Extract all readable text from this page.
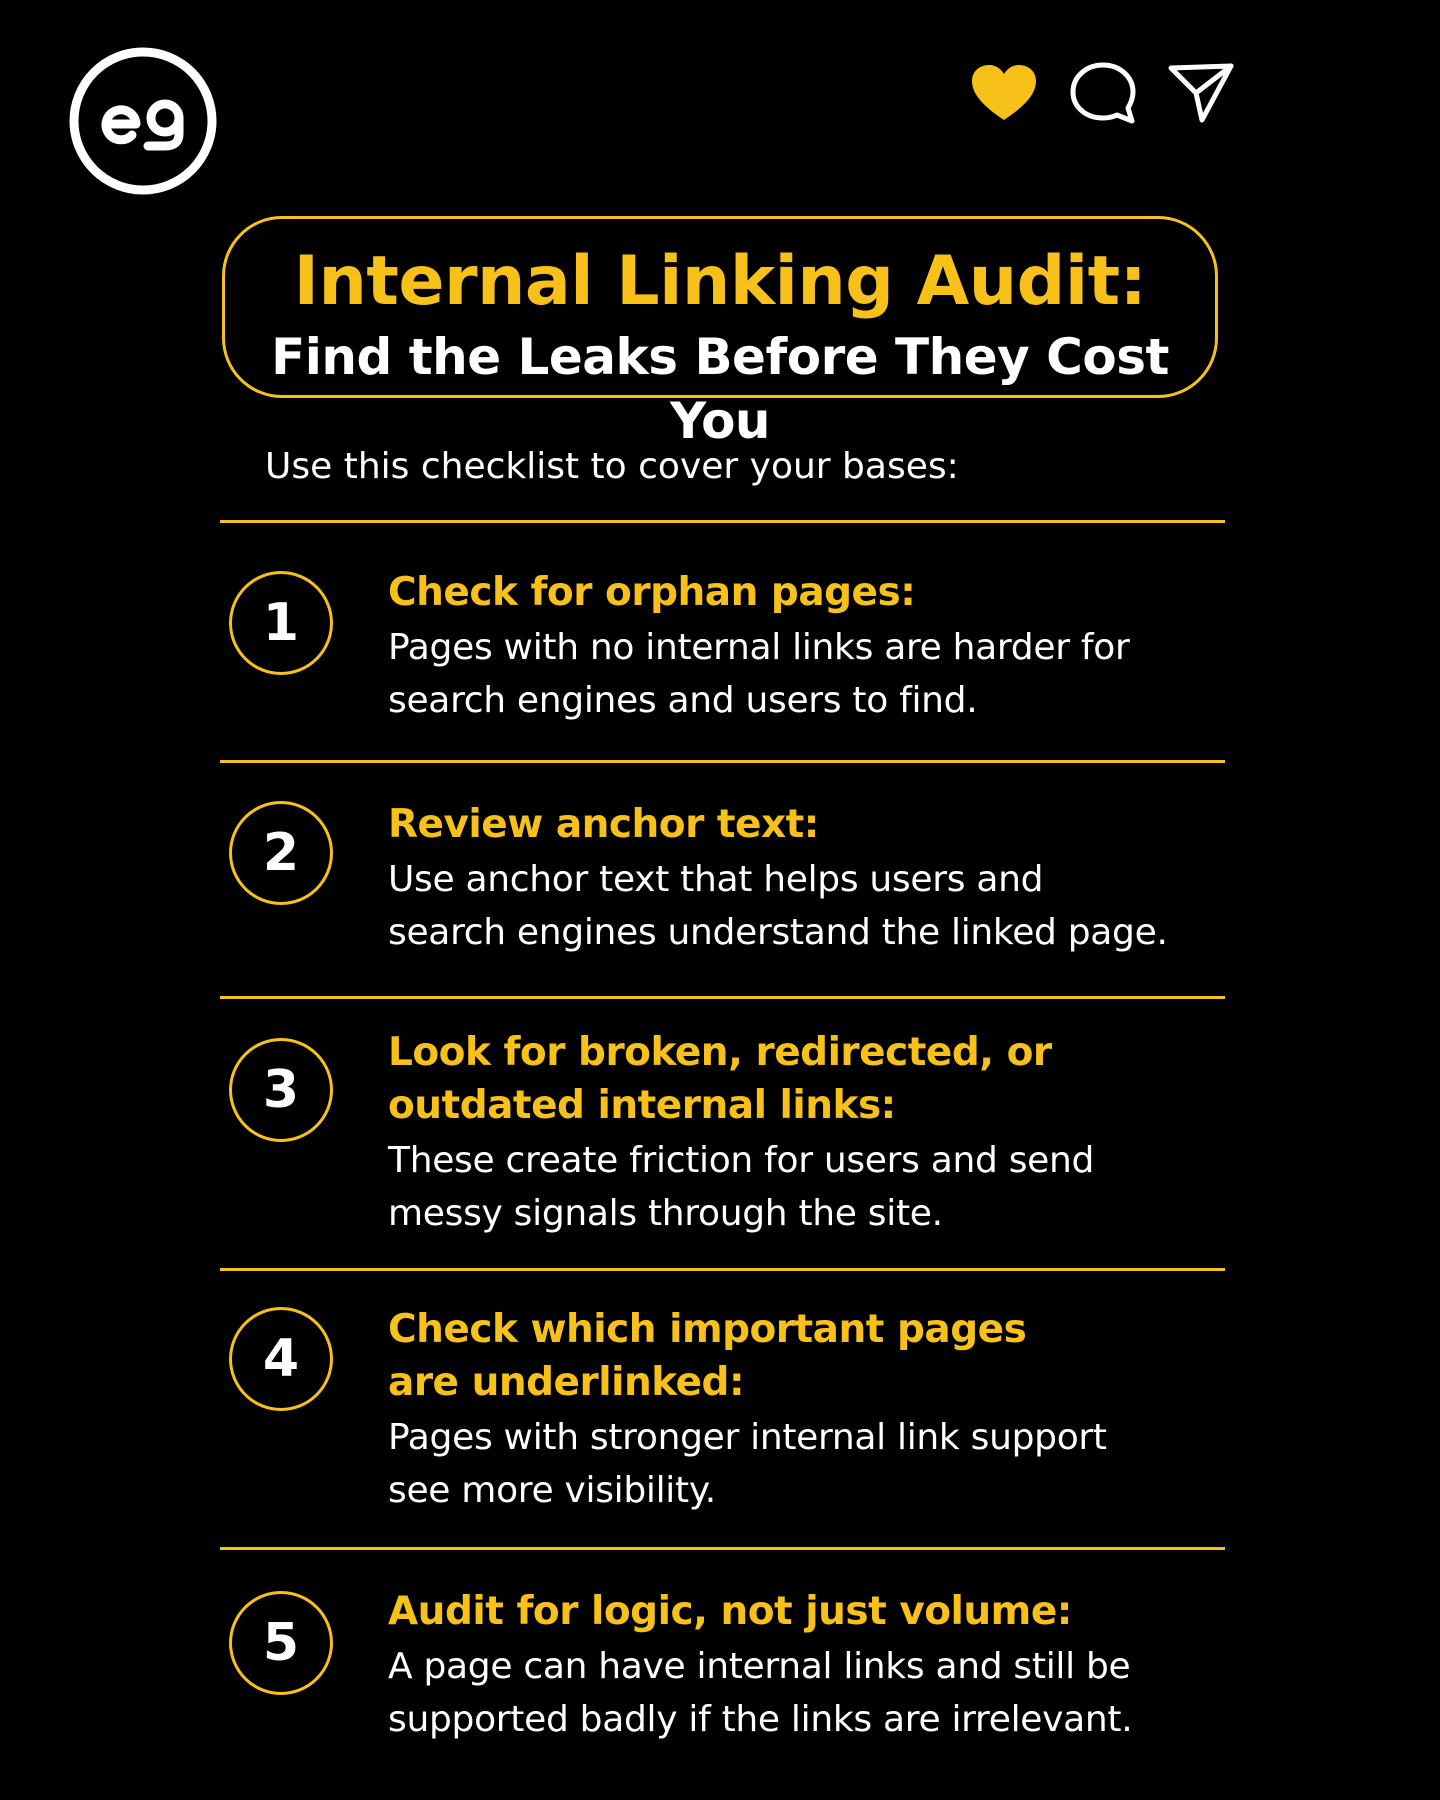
Internal Linking Audit:
Find the Leaks Before They Cost You
Use this checklist to cover your bases:
1
Check for orphan pages:
Pages with no internal links are harder for
search engines and users to find.
2	Review anchor text:
Use anchor text that helps users and
search engines understand the linked page.
3
Look for broken, redirected, or
outdated internal links:
These create friction for users and send
messy signals through the site.
4	Check which important pages
are underlinked:
Pages with stronger internal link support
see more visibility.
5
Audit for logic, not just volume:
A page can have internal links and still be
supported badly if the links are irrelevant.
